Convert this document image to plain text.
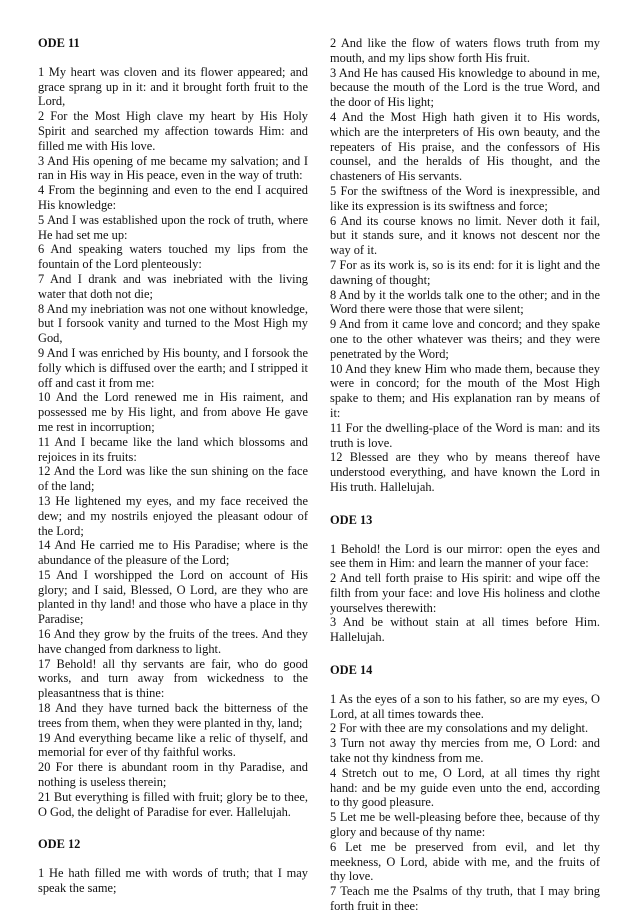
ODE 11

1 My heart was cloven and its flower appeared; and grace sprang up in it: and it brought forth fruit to the Lord,

2 For the Most High clave my heart by His Holy Spirit and searched my affection towards Him: and filled me with His love.

3 And His opening of me became my salvation; and I ran in His way in His peace, even in the way of truth:

4 From the beginning and even to the end I acquired His knowledge:

5 And I was established upon the rock of truth, where He had set me up:

6 And speaking waters touched my lips from the fountain of the Lord plenteously:

7 And I drank and was inebriated with the living water that doth not die;

8 And my inebriation was not one without knowledge, but I forsook vanity and turned to the Most High my God,

9 And I was enriched by His bounty, and I forsook the folly which is diffused over the earth; and I stripped it off and cast it from me:

10 And the Lord renewed me in His raiment, and possessed me by His light, and from above He gave me rest in incorruption;

11 And I became like the land which blossoms and rejoices in its fruits:

12 And the Lord was like the sun shining on the face of the land;

13 He lightened my eyes, and my face received the dew; and my nostrils enjoyed the pleasant odour of the Lord;

14 And He carried me to His Paradise; where is the abundance of the pleasure of the Lord;

15 And I worshipped the Lord on account of His glory; and I said, Blessed, O Lord, are they who are planted in thy land! and those who have a place in thy Paradise;

16 And they grow by the fruits of the trees. And they have changed from darkness to light.

17 Behold! all thy servants are fair, who do good works, and turn away from wickedness to the pleasantness that is thine:

18 And they have turned back the bitterness of the trees from them, when they were planted in thy, land;

19 And everything became like a relic of thyself, and memorial for ever of thy faithful works.

20 For there is abundant room in thy Paradise, and nothing is useless therein;

21 But everything is filled with fruit; glory be to thee, O God, the delight of Paradise for ever. Hallelujah.

ODE 12

1 He hath filled me with words of truth; that I may speak the same;

2 And like the flow of waters flows truth from my mouth, and my lips show forth His fruit.

3 And He has caused His knowledge to abound in me, because the mouth of the Lord is the true Word, and the door of His light;

4 And the Most High hath given it to His words, which are the interpreters of His own beauty, and the repeaters of His praise, and the confessors of His counsel, and the heralds of His thought, and the chasteners of His servants.

5 For the swiftness of the Word is inexpressible, and like its expression is its swiftness and force;

6 And its course knows no limit. Never doth it fail, but it stands sure, and it knows not descent nor the way of it.

7 For as its work is, so is its end: for it is light and the dawning of thought;

8 And by it the worlds talk one to the other; and in the Word there were those that were silent;

9 And from it came love and concord; and they spake one to the other whatever was theirs; and they were penetrated by the Word;

10 And they knew Him who made them, because they were in concord; for the mouth of the Most High spake to them; and His explanation ran by means of it:

11 For the dwelling-place of the Word is man: and its truth is love.

12 Blessed are they who by means thereof have understood everything, and have known the Lord in His truth. Hallelujah.

ODE 13

1 Behold! the Lord is our mirror: open the eyes and see them in Him: and learn the manner of your face:

2 And tell forth praise to His spirit: and wipe off the filth from your face: and love His holiness and clothe yourselves therewith:

3 And be without stain at all times before Him. Hallelujah.

ODE 14

1 As the eyes of a son to his father, so are my eyes, O Lord, at all times towards thee.

2 For with thee are my consolations and my delight.

3 Turn not away thy mercies from me, O Lord: and take not thy kindness from me.

4 Stretch out to me, O Lord, at all times thy right hand: and be my guide even unto the end, according to thy good pleasure.

5 Let me be well-pleasing before thee, because of thy glory and because of thy name:

6 Let me be preserved from evil, and let thy meekness, O Lord, abide with me, and the fruits of thy love.

7 Teach me the Psalms of thy truth, that I may bring forth fruit in thee:
